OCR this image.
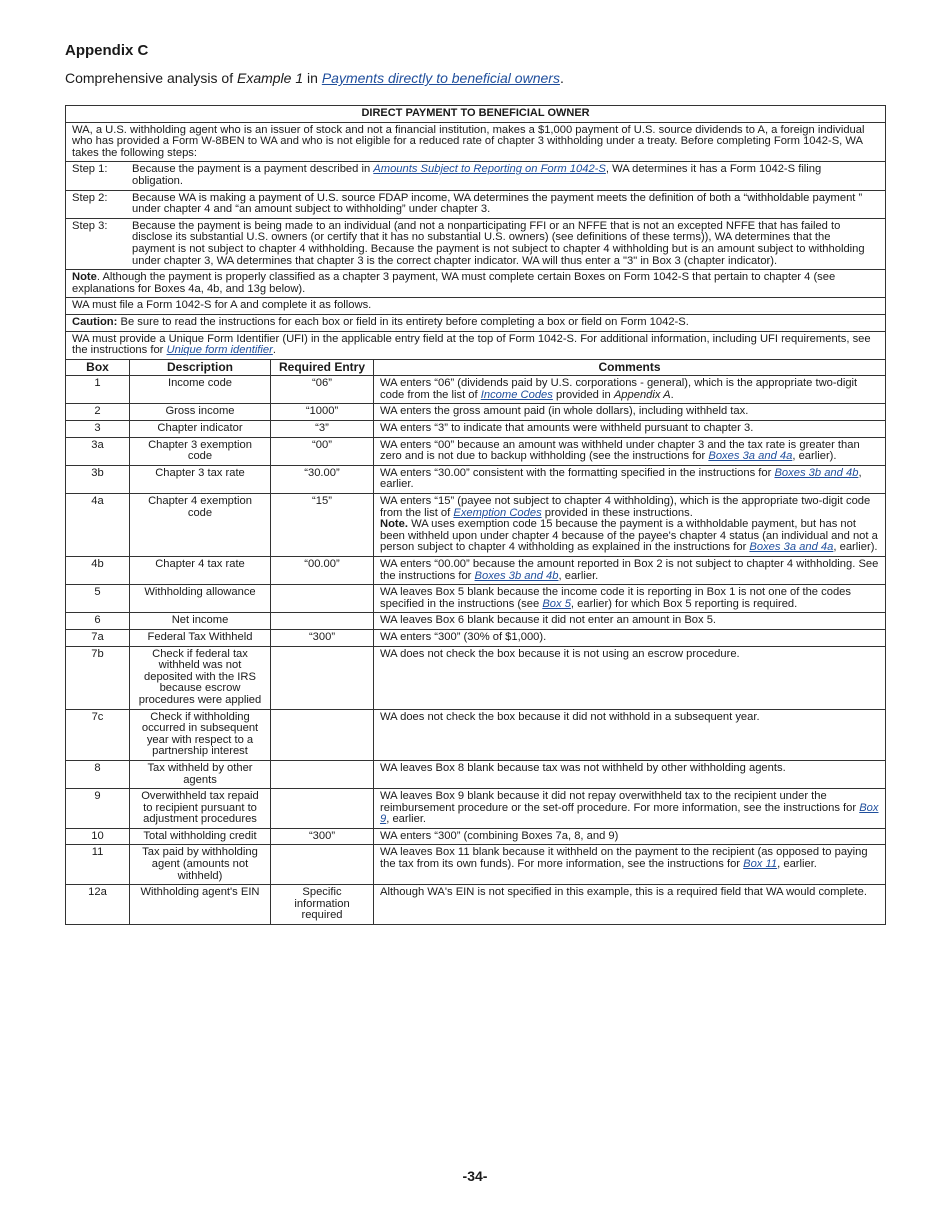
Appendix C
Comprehensive analysis of Example 1 in Payments directly to beneficial owners.
DIRECT PAYMENT TO BENEFICIAL OWNER			
WA, a U.S. withholding agent who is an issuer of stock and not a financial institution, makes a $1,000 payment of U.S. source dividends to A, a foreign individual who has provided a Form W-8BEN to WA and who is not eligible for a reduced rate of chapter 3 withholding under a treaty. Before completing Form 1042-S, WA takes the following steps:			
Step 1: Because the payment is a payment described in Amounts Subject to Reporting on Form 1042-S, WA determines it has a Form 1042-S filing obligation.			
Step 2: Because WA is making a payment of U.S. source FDAP income, WA determines the payment meets the definition of both a “withholdable payment ” under chapter 4 and “an amount subject to withholding” under chapter 3.			
Step 3: Because the payment is being made to an individual (and not a nonparticipating FFI or an NFFE that is not an excepted NFFE that has failed to disclose its substantial U.S. owners (or certify that it has no substantial U.S. owners) (see definitions of these terms)), WA determines that the payment is not subject to chapter 4 withholding. Because the payment is not subject to chapter 4 withholding but is an amount subject to withholding under chapter 3, WA determines that chapter 3 is the correct chapter indicator. WA will thus enter a "3" in Box 3 (chapter indicator).			
Note. Although the payment is properly classified as a chapter 3 payment, WA must complete certain Boxes on Form 1042-S that pertain to chapter 4 (see explanations for Boxes 4a, 4b, and 13g below).			
WA must file a Form 1042-S for A and complete it as follows.			
Caution: Be sure to read the instructions for each box or field in its entirety before completing a box or field on Form 1042-S.			
WA must provide a Unique Form Identifier (UFI) in the applicable entry field at the top of Form 1042-S. For additional information, including UFI requirements, see the instructions for Unique form identifier.			
Box	Description	Required Entry	Comments
1	Income code	“06”	WA enters “06” (dividends paid by U.S. corporations - general), which is the appropriate two-digit code from the list of Income Codes provided in Appendix A.
2	Gross income	“1000”	WA enters the gross amount paid (in whole dollars), including withheld tax.
3	Chapter indicator	“3”	WA enters “3” to indicate that amounts were withheld pursuant to chapter 3.
3a	Chapter 3 exemption code	“00”	WA enters “00” because an amount was withheld under chapter 3 and the tax rate is greater than zero and is not due to backup withholding (see the instructions for Boxes 3a and 4a, earlier).
3b	Chapter 3 tax rate	“30.00”	WA enters “30.00” consistent with the formatting specified in the instructions for Boxes 3b and 4b, earlier.
4a	Chapter 4 exemption code	“15”	WA enters “15” (payee not subject to chapter 4 withholding), which is the appropriate two-digit code from the list of Exemption Codes provided in these instructions.
Note. WA uses exemption code 15 because the payment is a withholdable payment, but has not been withheld upon under chapter 4 because of the payee's chapter 4 status (an individual and not a person subject to chapter 4 withholding as explained in the instructions for Boxes 3a and 4a, earlier).
4b	Chapter 4 tax rate	“00.00”	WA enters “00.00” because the amount reported in Box 2 is not subject to chapter 4 withholding. See the instructions for Boxes 3b and 4b, earlier.
5	Withholding allowance		WA leaves Box 5 blank because the income code it is reporting in Box 1 is not one of the codes specified in the instructions (see Box 5, earlier) for which Box 5 reporting is required.
6	Net income		WA leaves Box 6 blank because it did not enter an amount in Box 5.
7a	Federal Tax Withheld	“300”	WA enters “300” (30% of $1,000).
7b	Check if federal tax withheld was not deposited with the IRS because escrow procedures were applied		WA does not check the box because it is not using an escrow procedure.
7c	Check if withholding occurred in subsequent year with respect to a partnership interest		WA does not check the box because it did not withhold in a subsequent year.
8	Tax withheld by other agents		WA leaves Box 8 blank because tax was not withheld by other withholding agents.
9	Overwithheld tax repaid to recipient pursuant to adjustment procedures		WA leaves Box 9 blank because it did not repay overwithheld tax to the recipient under the reimbursement procedure or the set-off procedure. For more information, see the instructions for Box 9, earlier.
10	Total withholding credit	“300”	WA enters “300” (combining Boxes 7a, 8, and 9)
11	Tax paid by withholding agent (amounts not withheld)		WA leaves Box 11 blank because it withheld on the payment to the recipient (as opposed to paying the tax from its own funds). For more information, see the instructions for Box 11, earlier.
12a	Withholding agent's EIN	Specific information required	Although WA's EIN is not specified in this example, this is a required field that WA would complete.
-34-
